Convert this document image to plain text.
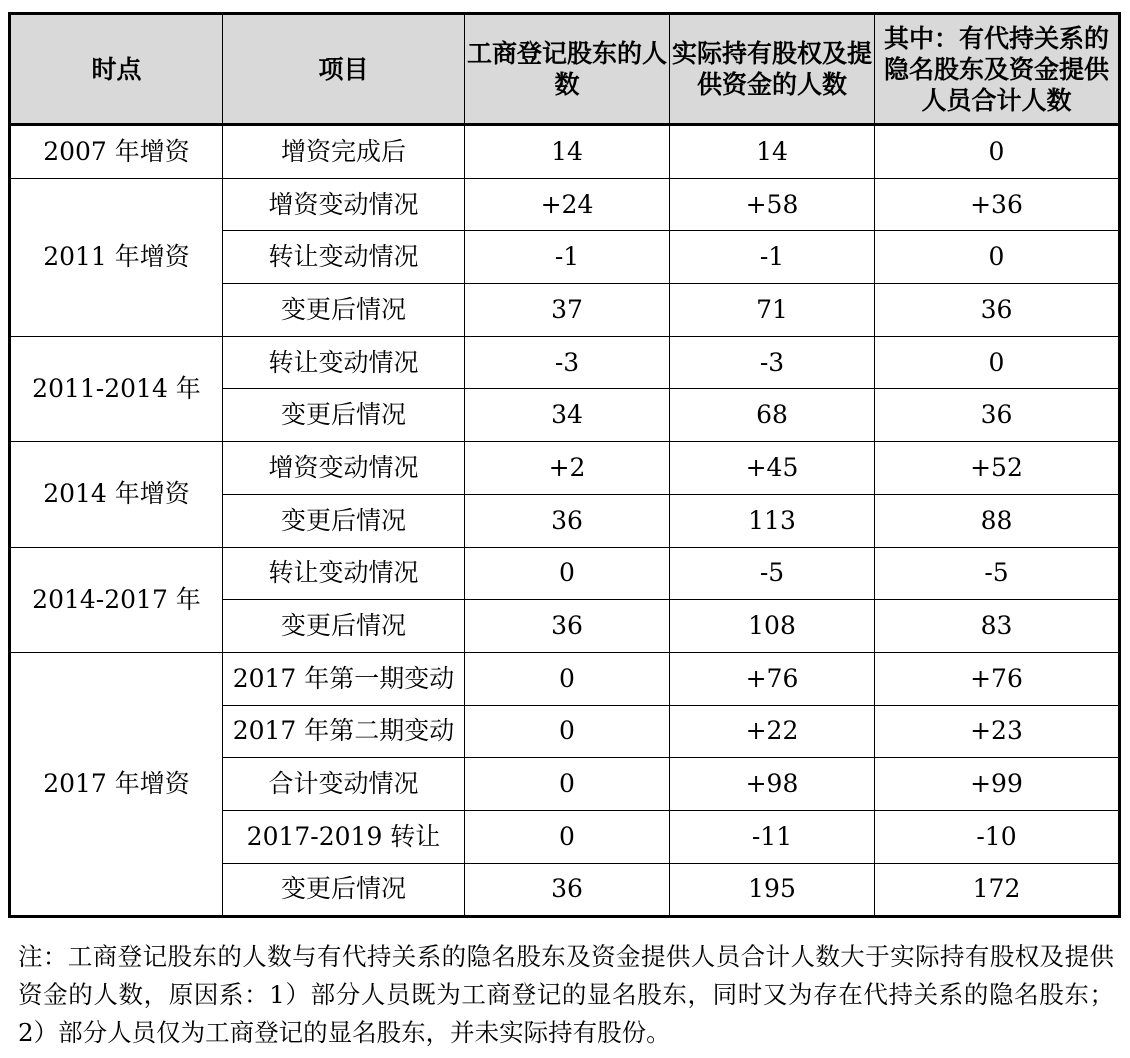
时点	项目	工商登记股东的人数	实际持有股权及提供资金的人数	其中：有代持关系的隐名股东及资金提供人员合计人数
2007 年增资	增资完成后	14	14	0
2011 年增资	增资变动情况	+24	+58	+36
	转让变动情况	-1	-1	0
	变更后情况	37	71	36
2011-2014 年	转让变动情况	-3	-3	0
	变更后情况	34	68	36
2014 年增资	增资变动情况	+2	+45	+52
	变更后情况	36	113	88
2014-2017 年	转让变动情况	0	-5	-5
	变更后情况	36	108	83
2017 年增资	2017 年第一期变动	0	+76	+76
	2017 年第二期变动	0	+22	+23
	合计变动情况	0	+98	+99
	2017-2019 转让	0	-11	-10
	变更后情况	36	195	172
注：工商登记股东的人数与有代持关系的隐名股东及资金提供人员合计人数大于实际持有股权及提供资金的人数，原因系：1）部分人员既为工商登记的显名股东，同时又为存在代持关系的隐名股东；2）部分人员仅为工商登记的显名股东，并未实际持有股份。
